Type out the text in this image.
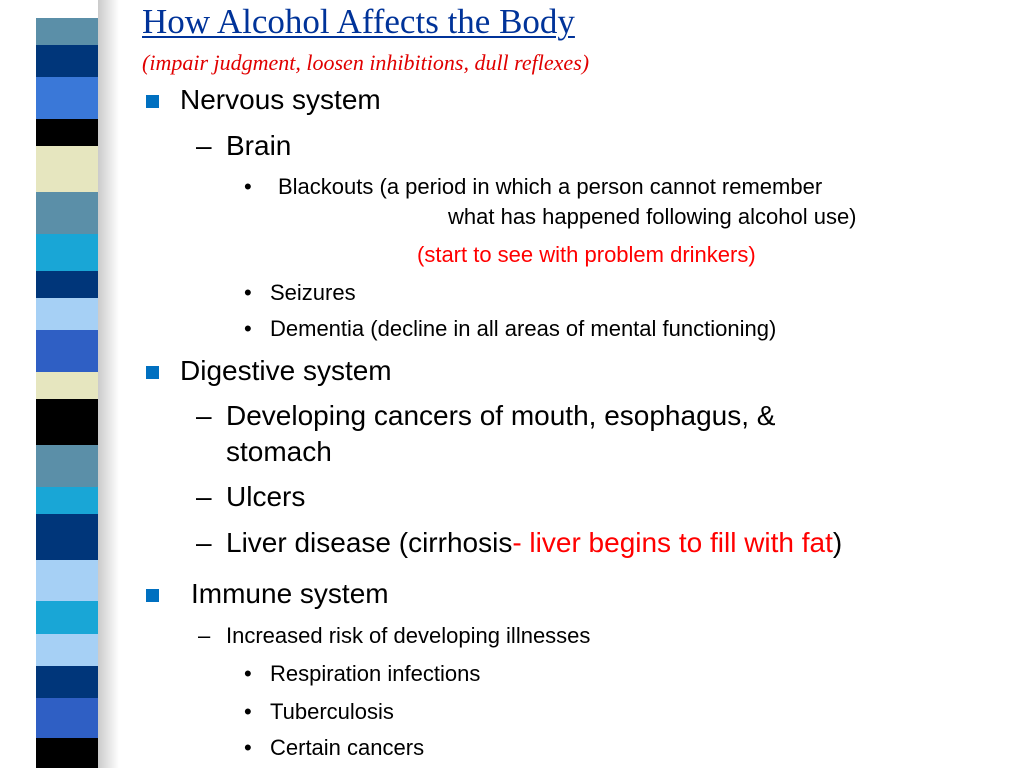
How Alcohol Affects the Body
(impair judgment, loosen inhibitions, dull reflexes)
Nervous system
– Brain
• Blackouts (a period in which a person cannot remember
what has happened following alcohol use)
(start to see with problem drinkers)
• Seizures
• Dementia (decline in all areas of mental functioning)
Digestive system
– Developing cancers of mouth, esophagus, &
stomach
– Ulcers
– Liver disease (cirrhosis- liver begins to fill with fat)
Immune system
– Increased risk of developing illnesses
• Respiration infections
• Tuberculosis
• Certain cancers
